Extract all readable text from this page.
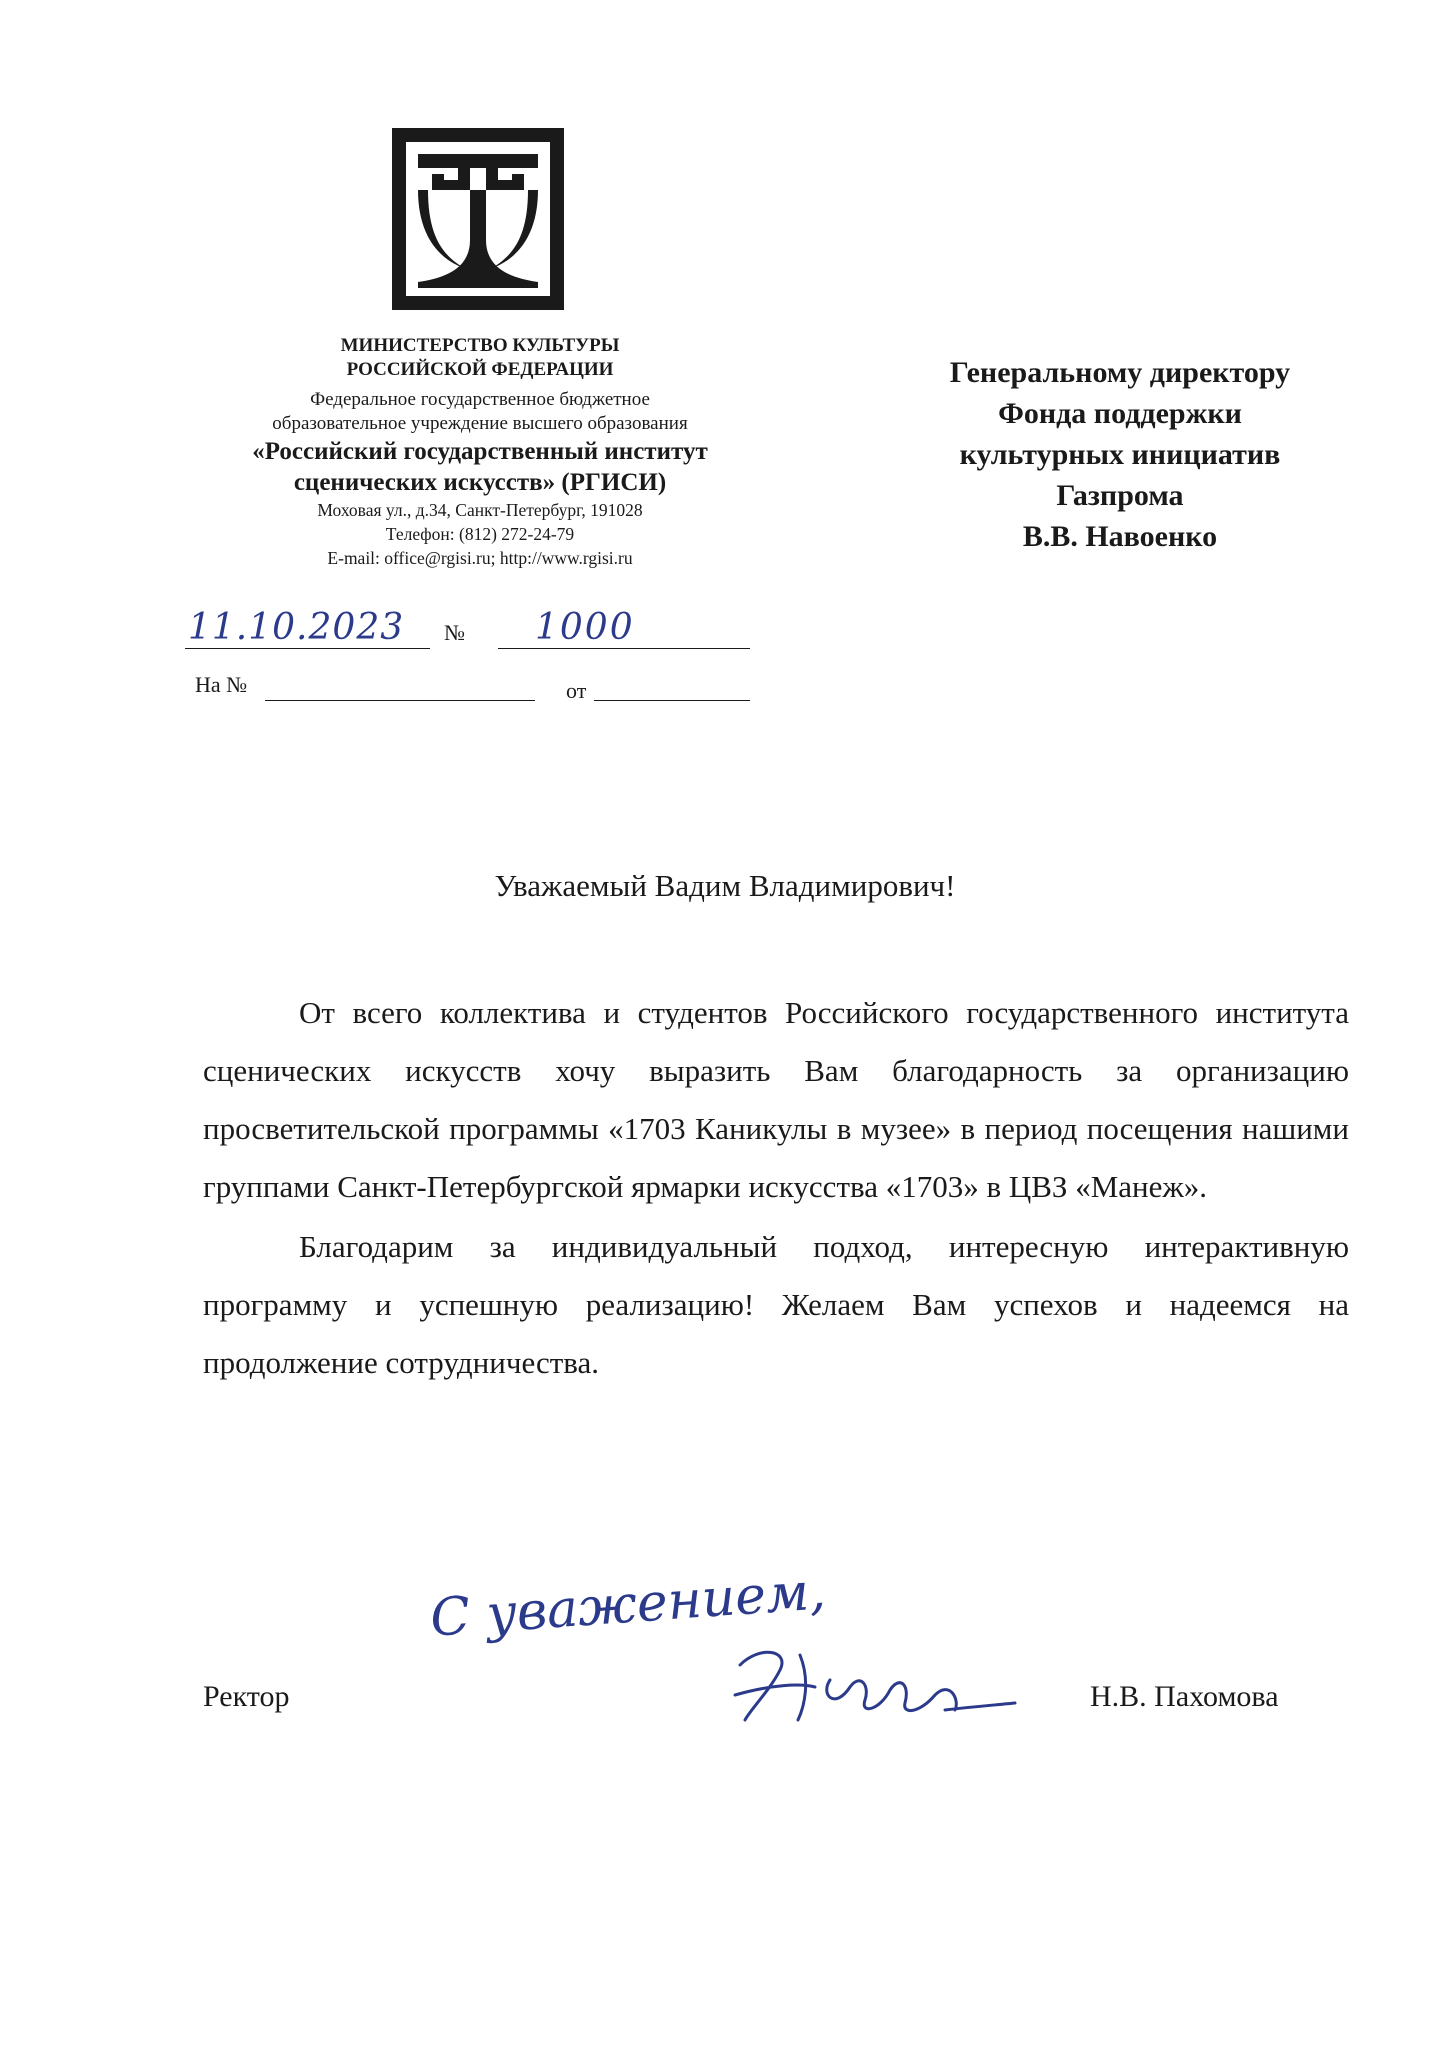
МИНИСТЕРСТВО КУЛЬТУРЫ
РОССИЙСКОЙ ФЕДЕРАЦИИ
Федеральное государственное бюджетное
образовательное учреждение высшего образования
«Российский государственный институт
сценических искусств» (РГИСИ)
Моховая ул., д.34, Санкт-Петербург, 191028
Телефон: (812) 272-24-79
E-mail: office@rgisi.ru; http://www.rgisi.ru
Генеральному директору
Фонда поддержки
культурных инициатив
Газпрома
В.В. Навоенко
11.10.2023	№ 1000
На №	от
Уважаемый Вадим Владимирович!

От всего коллектива и студентов Российского государственного института сценических искусств хочу выразить Вам благодарность за организацию просветительской программы «1703 Каникулы в музее» в период посещения нашими группами Санкт-Петербургской ярмарки искусства «1703» в ЦВЗ «Манеж».

Благодарим за индивидуальный подход, интересную интерактивную программу и успешную реализацию! Желаем Вам успехов и надеемся на продолжение сотрудничества.

С уважением,
Ректор	Н.В. Пахомова
